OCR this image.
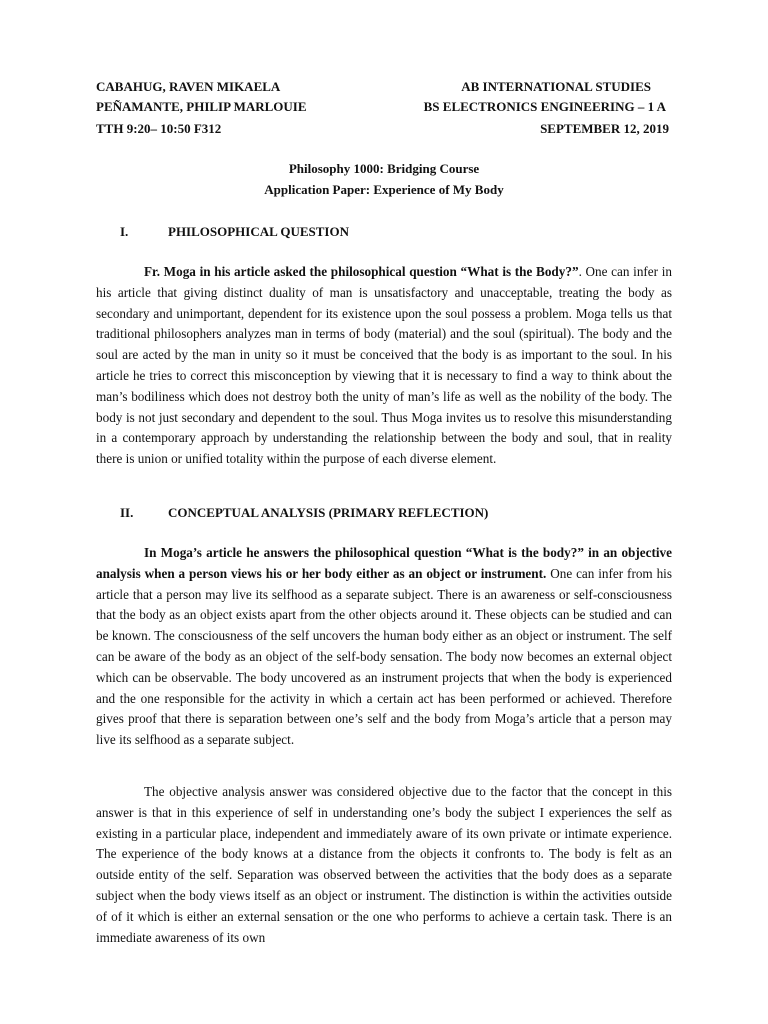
CABAHUG, RAVEN MIKAELA
PEÑAMANTE, PHILIP MARLOUIE
TTH 9:20– 10:50 F312
AB INTERNATIONAL STUDIES
BS ELECTRONICS ENGINEERING – 1 A
SEPTEMBER 12, 2019
Philosophy 1000: Bridging Course
Application Paper: Experience of My Body
I.	PHILOSOPHICAL QUESTION

Fr. Moga in his article asked the philosophical question “What is the Body?”. One can infer in his article that giving distinct duality of man is unsatisfactory and unacceptable, treating the body as secondary and unimportant, dependent for its existence upon the soul possess a problem. Moga tells us that traditional philosophers analyzes man in terms of body (material) and the soul (spiritual). The body and the soul are acted by the man in unity so it must be conceived that the body is as important to the soul. In his article he tries to correct this misconception by viewing that it is necessary to find a way to think about the man’s bodiliness which does not destroy both the unity of man’s life as well as the nobility of the body. The body is not just secondary and dependent to the soul. Thus Moga invites us to resolve this misunderstanding in a contemporary approach by understanding the relationship between the body and soul, that in reality there is union or unified totality within the purpose of each diverse element.

II.	CONCEPTUAL ANALYSIS (PRIMARY REFLECTION)

In Moga’s article he answers the philosophical question “What is the body?” in an objective analysis when a person views his or her body either as an object or instrument. One can infer from his article that a person may live its selfhood as a separate subject. There is an awareness or self-consciousness that the body as an object exists apart from the other objects around it. These objects can be studied and can be known. The consciousness of the self uncovers the human body either as an object or instrument. The self can be aware of the body as an object of the self-body sensation. The body now becomes an external object which can be observable. The body uncovered as an instrument projects that when the body is experienced and the one responsible for the activity in which a certain act has been performed or achieved. Therefore gives proof that there is separation between one’s self and the body from Moga’s article that a person may live its selfhood as a separate subject.

The objective analysis answer was considered objective due to the factor that the concept in this answer is that in this experience of self in understanding one’s body the subject I experiences the self as existing in a particular place, independent and immediately aware of its own private or intimate experience. The experience of the body knows at a distance from the objects it confronts to. The body is felt as an outside entity of the self. Separation was observed between the activities that the body does as a separate subject when the body views itself as an object or instrument. The distinction is within the activities outside of of it which is either an external sensation or the one who performs to achieve a certain task. There is an immediate awareness of its own
